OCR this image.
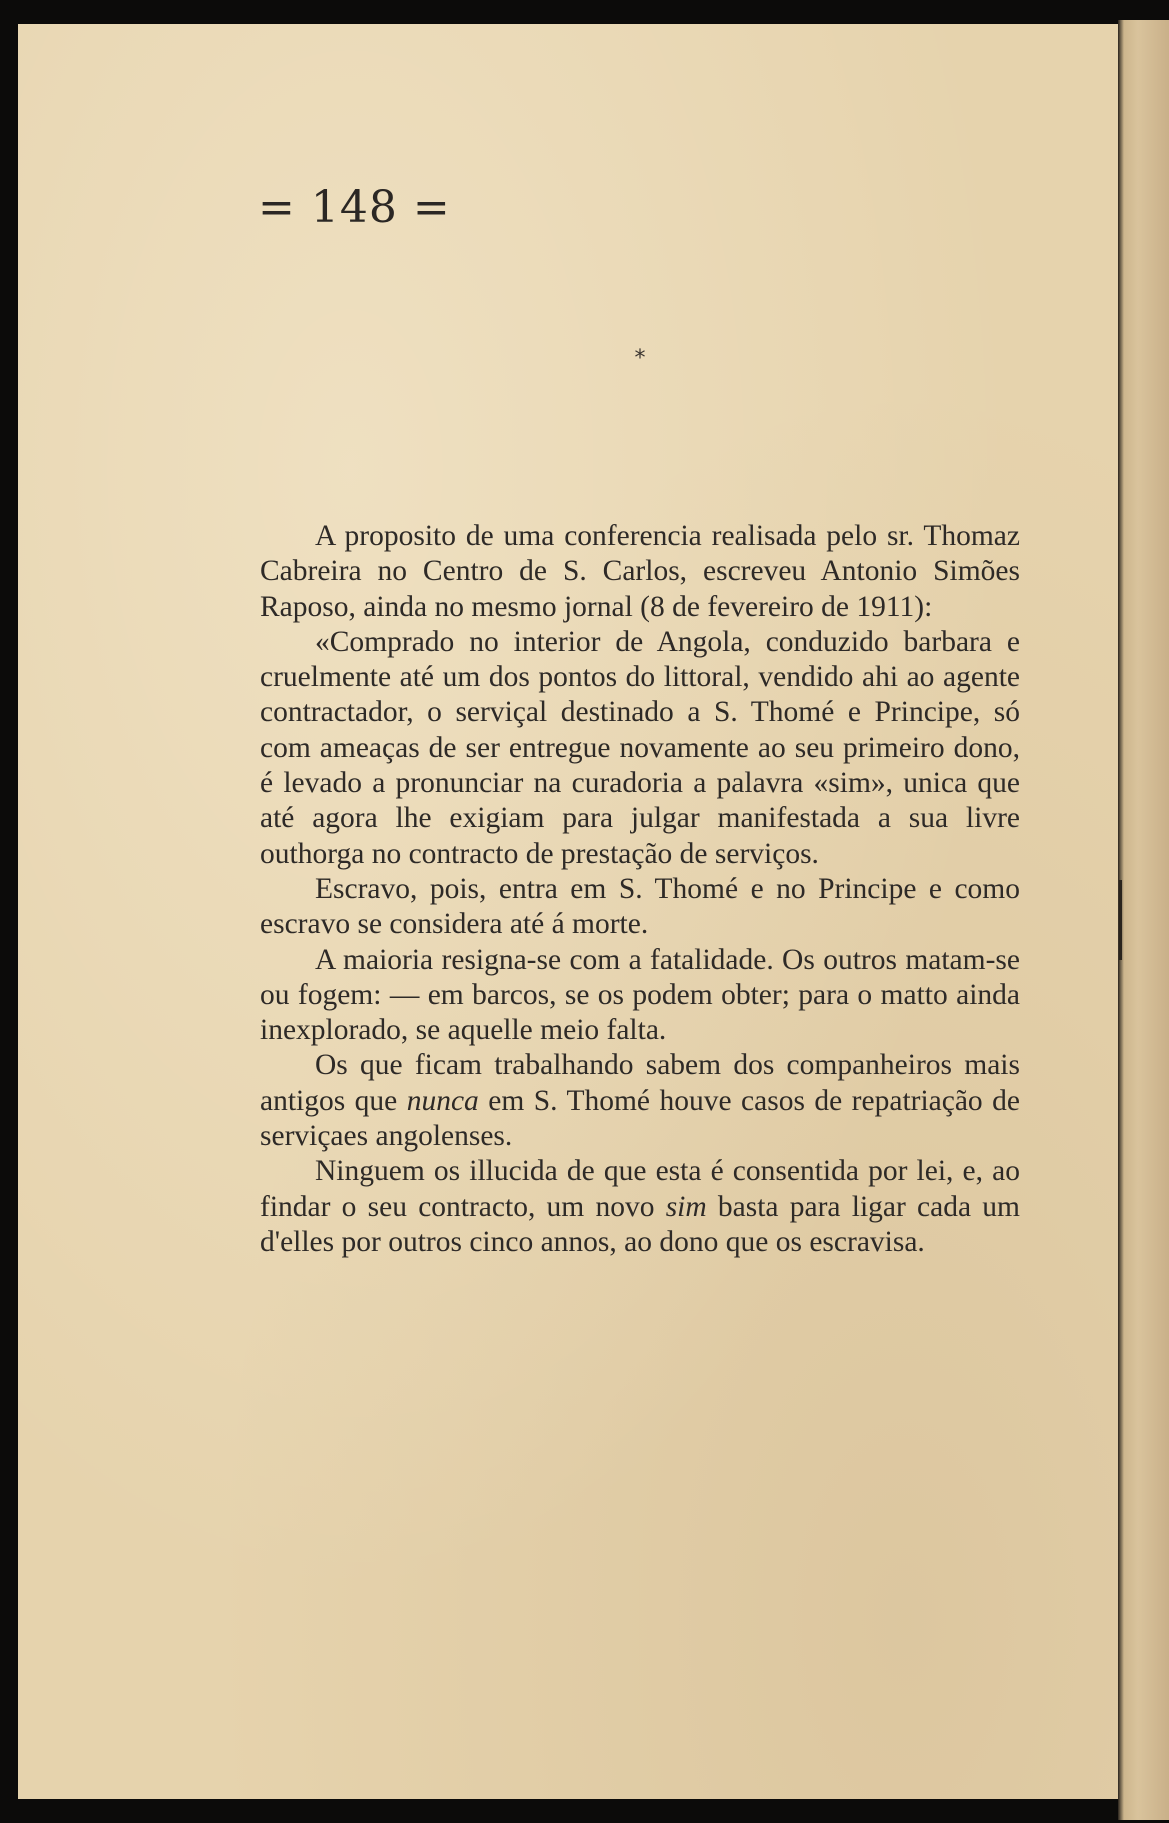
= 148 =
*

A proposito de uma conferencia realisada pelo sr. Thomaz Cabreira no Centro de S. Carlos, escreveu Antonio Simões Raposo, ainda no mesmo jornal (8 de fevereiro de 1911):

«Comprado no interior de Angola, conduzido barbara e cruelmente até um dos pontos do littoral, vendido ahi ao agente contractador, o serviçal destinado a S. Thomé e Principe, só com ameaças de ser entregue novamente ao seu primeiro dono, é levado a pronunciar na curadoria a palavra «sim», unica que até agora lhe exigiam para julgar manifestada a sua livre outhorga no contracto de prestação de serviços.

Escravo, pois, entra em S. Thomé e no Principe e como escravo se considera até á morte.

A maioria resigna-se com a fatalidade. Os outros matam-se ou fogem: — em barcos, se os podem obter; para o matto ainda inexplorado, se aquelle meio falta.

Os que ficam trabalhando sabem dos companheiros mais antigos que nunca em S. Thomé houve casos de repatriação de serviçaes angolenses.

Ninguem os illucida de que esta é consentida por lei, e, ao findar o seu contracto, um novo sim basta para ligar cada um d'elles por outros cinco annos, ao dono que os escravisa.
